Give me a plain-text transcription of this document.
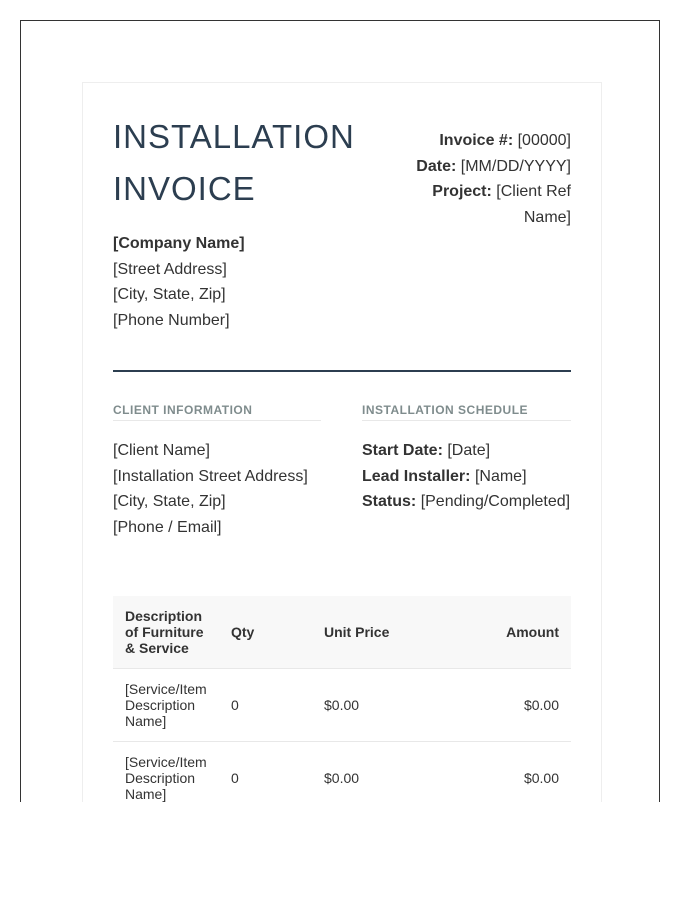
INSTALLATION
INVOICE
[Company Name]
[Street Address]
[City, State, Zip]
[Phone Number]
Invoice #: [00000]
Date: [MM/DD/YYYY]
Project: [Client Ref Name]
CLIENT INFORMATION	INSTALLATION SCHEDULE
[Client Name]
[Installation Street Address]
[City, State, Zip]
[Phone / Email]
Start Date: [Date]
Lead Installer: [Name]
Status: [Pending/Completed]
Description of Furniture & Service	Qty	Unit Price	Amount
[Service/Item Description Name]	0	$0.00	$0.00
[Service/Item Description Name]	0	$0.00	$0.00
